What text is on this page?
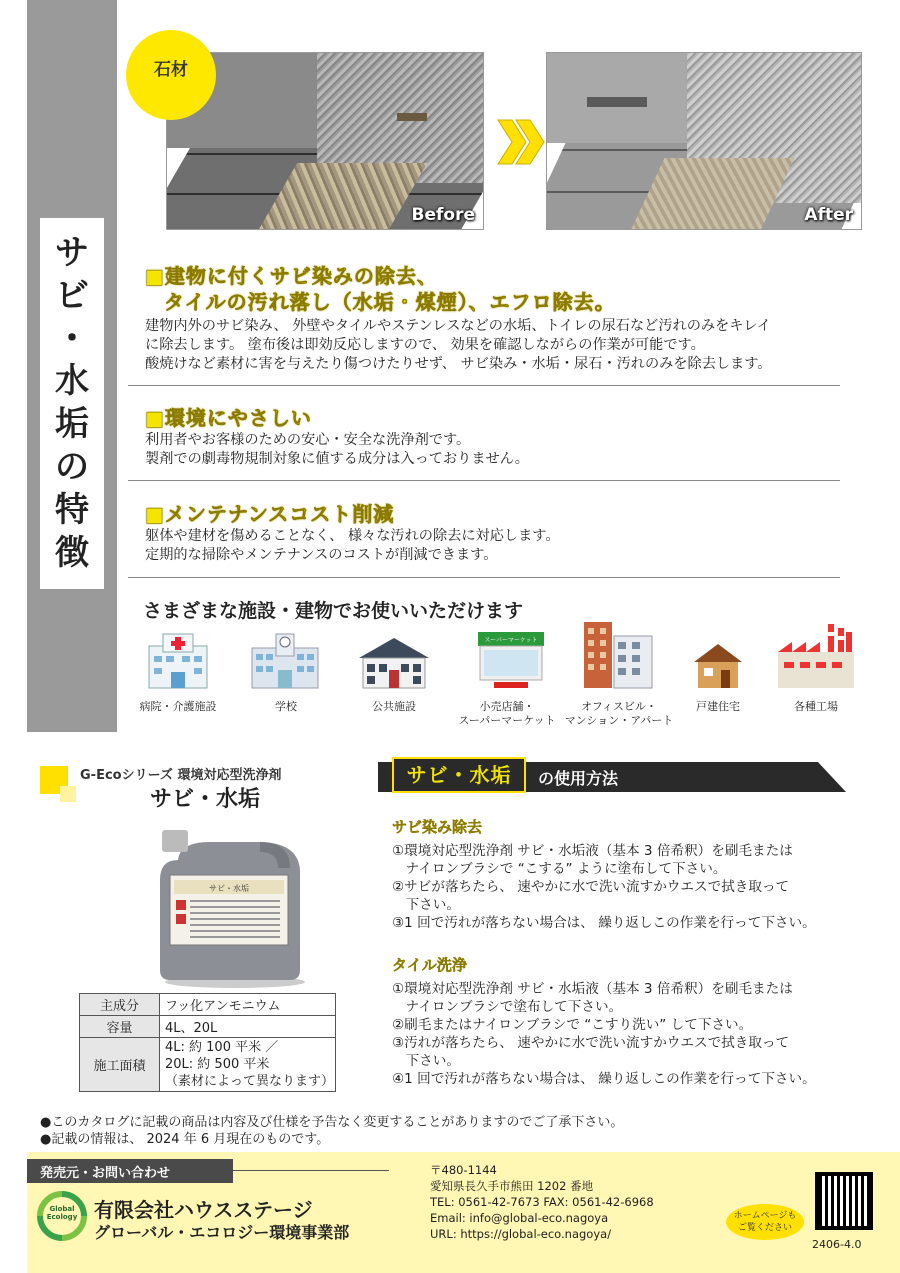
サ
ビ
・
水
垢
の
特
徴
Before
石材
After
■建物に付くサビ染みの除去、
タイルの汚れ落し（水垢・煤煙）、エフロ除去。
建物内外のサビ染み、 外壁やタイルやステンレスなどの水垢、トイレの尿石など汚れのみをキレイ
に除去します。 塗布後は即効反応しますので、 効果を確認しながらの作業が可能です。
酸焼けなど素材に害を与えたり傷つけたりせず、 サビ染み・水垢・尿石・汚れのみを除去します。
■環境にやさしい
利用者やお客様のための安心・安全な洗浄剤です。
製剤での劇毒物規制対象に値する成分は入っておりません。
■メンテナンスコスト削減
躯体や建材を傷めることなく、 様々な汚れの除去に対応します。
定期的な掃除やメンテナンスのコストが削減できます。
さまざまな施設・建物でお使いいただけます
スーパーマーケット
病院・介護施設	学校	公共施設	小売店舗・
スーパーマーケット
オフィスビル・
マンション・アパート
戸建住宅	各種工場
G-Ecoシリーズ 環境対応型洗浄剤
サビ・水垢
サビ・水垢
主成分	フッ化アンモニウム
容量	4L、20L
施工面積	4L: 約 100 平米 ／
20L: 約 500 平米
（素材によって異なります）
サビ・水垢	の使用方法
サビ染み除去
①環境対応型洗浄剤 サビ・水垢液（基本 3 倍希釈）を刷毛または
　ナイロンブラシで “こする” ように塗布して下さい。
②サビが落ちたら、 速やかに水で洗い流すかウエスで拭き取って
　下さい。
③1 回で汚れが落ちない場合は、 繰り返しこの作業を行って下さい。
タイル洗浄
①環境対応型洗浄剤 サビ・水垢液（基本 3 倍希釈）を刷毛または
　ナイロンブラシで塗布して下さい。
②刷毛またはナイロンブラシで “こすり洗い” して下さい。
③汚れが落ちたら、 速やかに水で洗い流すかウエスで拭き取って
　下さい。
④1 回で汚れが落ちない場合は、 繰り返しこの作業を行って下さい。
●このカタログに記載の商品は内容及び仕様を予告なく変更することがありますのでご了承下さい。
●記載の情報は、 2024 年 6 月現在のものです。
発売元・お問い合わせ
Global
Ecology 有限会社ハウスステージ
グローバル・エコロジー環境事業部
〒480-1144
愛知県長久手市熊田 1202 番地
TEL: 0561-42-7673 FAX: 0561-42-6968
Email: info@global-eco.nagoya
URL: https://global-eco.nagoya/
ホームページも
ご覧ください
2406-4.0
